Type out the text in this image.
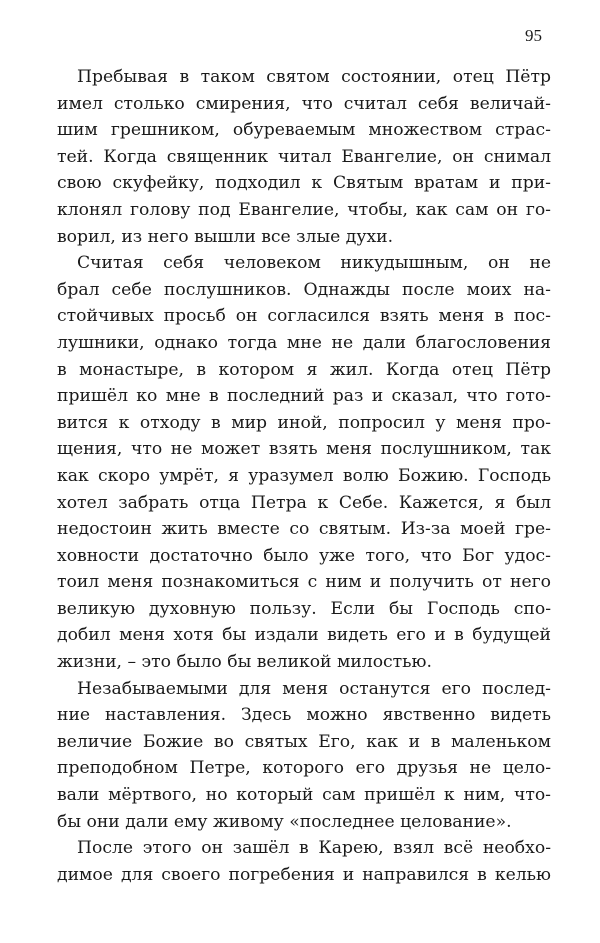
95
Пребывая в таком святом состоянии, отец Пётр
имел столько смирения, что считал себя величай-
шим грешником, обуреваемым множеством страс-
тей. Когда священник читал Евангелие, он снимал
свою скуфейку, подходил к Святым вратам и при-
клонял голову под Евангелие, чтобы, как сам он го-
ворил, из него вышли все злые духи.
Считая себя человеком никудышным, он не
брал себе послушников. Однажды после моих на-
стойчивых просьб он согласился взять меня в пос-
лушники, однако тогда мне не дали благословения
в монастыре, в котором я жил. Когда отец Пётр
пришёл ко мне в последний раз и сказал, что гото-
вится к отходу в мир иной, попросил у меня про-
щения, что не может взять меня послушником, так
как скоро умрёт, я уразумел волю Божию. Господь
хотел забрать отца Петра к Себе. Кажется, я был
недостоин жить вместе со святым. Из-за моей гре-
ховности достаточно было уже того, что Бог удос-
тоил меня познакомиться с ним и получить от него
великую духовную пользу. Если бы Господь спо-
добил меня хотя бы издали видеть его и в будущей
жизни, – это было бы великой милостью.
Незабываемыми для меня останутся его послед-
ние наставления. Здесь можно явственно видеть
величие Божие во святых Его, как и в маленьком
преподобном Петре, которого его друзья не цело-
вали мёртвого, но который сам пришёл к ним, что-
бы они дали ему живому «последнее целование».
После этого он зашёл в Карею, взял всё необхо-
димое для своего погребения и направился в келью
